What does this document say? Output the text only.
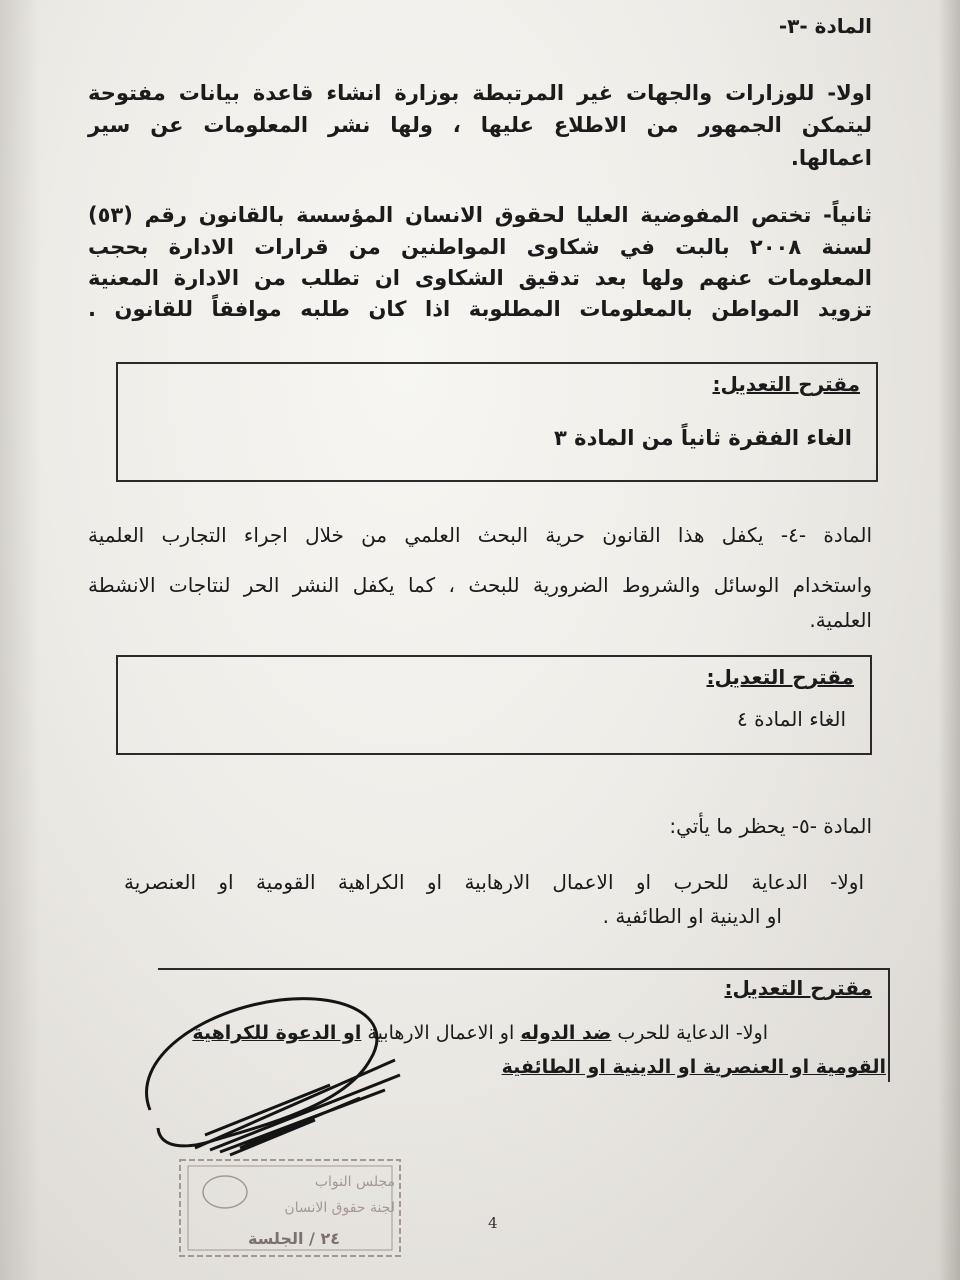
المادة -٣-
اولا- للوزارات والجهات غير المرتبطة بوزارة انشاء قاعدة بيانات مفتوحة
ليتمكن الجمهور من الاطلاع عليها ، ولها نشر المعلومات عن سير
اعمالها.
ثانياً- تختص المفوضية العليا لحقوق الانسان المؤسسة بالقانون رقم (٥٣)
لسنة ٢٠٠٨ بالبت في شكاوى المواطنين من قرارات الادارة بحجب
المعلومات عنهم ولها بعد تدقيق الشكاوى ان تطلب من الادارة المعنية
تزويد المواطن بالمعلومات المطلوبة اذا كان طلبه موافقاً للقانون .
مقترح التعديل:
الغاء الفقرة ثانياً من المادة ٣
المادة -٤- يكفل هذا القانون حرية البحث العلمي من خلال اجراء التجارب العلمية
واستخدام الوسائل والشروط الضرورية للبحث ، كما يكفل النشر الحر لنتاجات الانشطة
العلمية.
مقترح التعديل:
الغاء المادة ٤
المادة -٥- يحظر ما يأتي:
اولا- الدعاية للحرب او الاعمال الارهابية او الكراهية القومية او العنصرية
او الدينية او الطائفية .
مقترح التعديل:
اولا- الدعاية للحرب ضد الدوله او الاعمال الارهابية او الدعوة للكراهية
القومية او العنصرية او الدينية او الطائفية
مجلس النواب
لجنة حقوق الانسان
٢٤ / الجلسة
4
